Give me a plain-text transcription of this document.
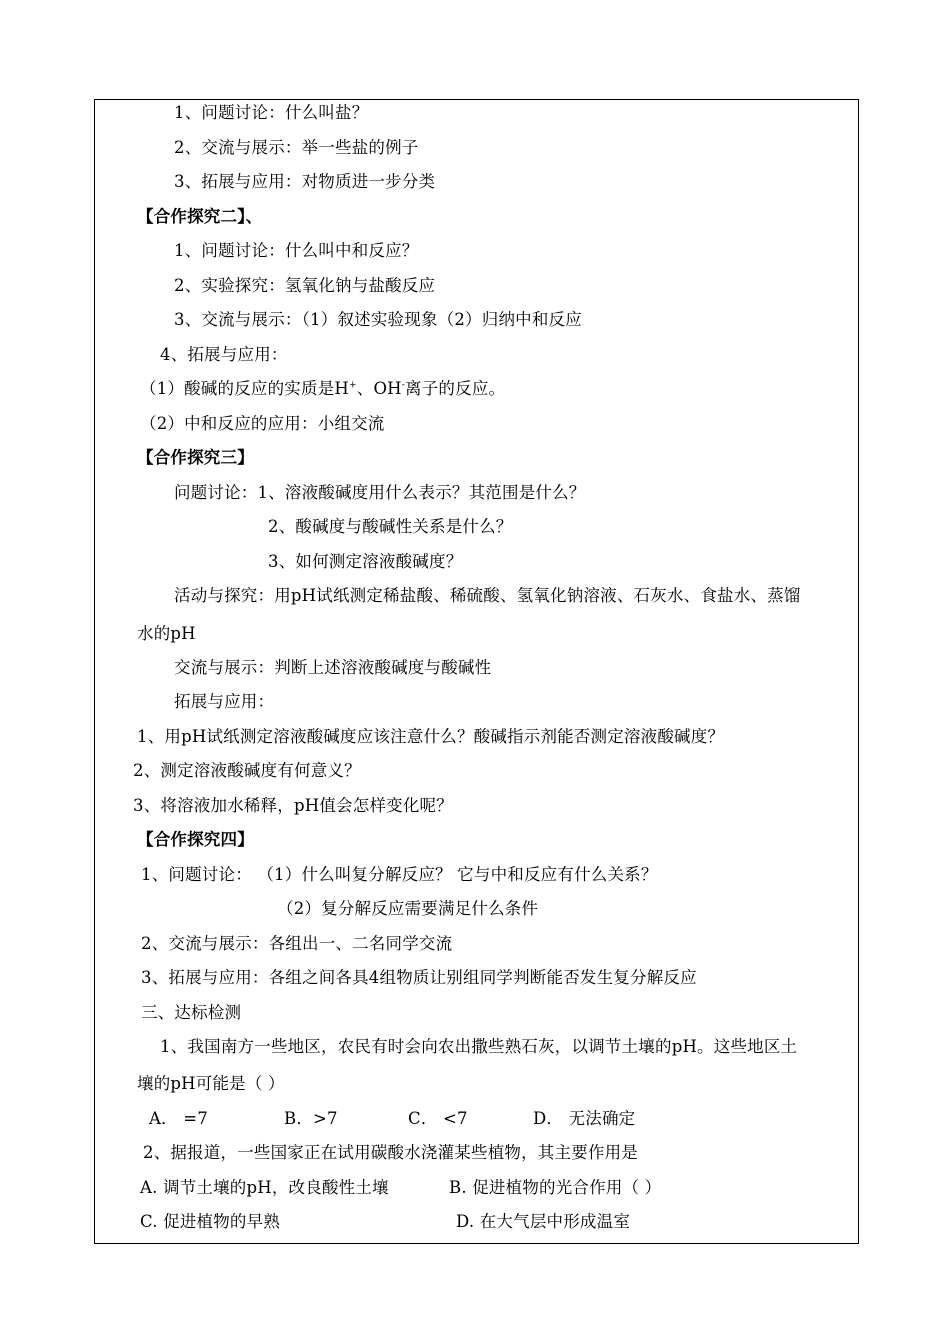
1、问题讨论：什么叫盐？
2、交流与展示：举一些盐的例子
3、拓展与应用：对物质进一步分类
【合作探究二】、
1、问题讨论：什么叫中和反应？
2、实验探究：氢氧化钠与盐酸反应
3、交流与展示：（1）叙述实验现象（2）归纳中和反应
4、拓展与应用：
（1）酸碱的反应的实质是H+、OH-离子的反应。
（2）中和反应的应用：小组交流
【合作探究三】
问题讨论：1、溶液酸碱度用什么表示？其范围是什么？
2、酸碱度与酸碱性关系是什么？
3、如何测定溶液酸碱度？
活动与探究：用pH试纸测定稀盐酸、稀硫酸、氢氧化钠溶液、石灰水、食盐水、蒸馏
水的pH
交流与展示：判断上述溶液酸碱度与酸碱性
拓展与应用：
1、用pH试纸测定溶液酸碱度应该注意什么？酸碱指示剂能否测定溶液酸碱度？
2、测定溶液酸碱度有何意义？
3、将溶液加水稀释，pH值会怎样变化呢？
【合作探究四】
1、问题讨论： （1）什么叫复分解反应？ 它与中和反应有什么关系？
（2）复分解反应需要满足什么条件
2、交流与展示：各组出一、二名同学交流
3、拓展与应用：各组之间各具4组物质让别组同学判断能否发生复分解反应
三、达标检测
1、我国南方一些地区，农民有时会向农出撒些熟石灰，以调节土壤的pH。这些地区土
壤的pH可能是（ ）
A． =7	B．>7	C． <7	D． 无法确定
2、据报道，一些国家正在试用碳酸水浇灌某些植物，其主要作用是
A. 调节土壤的pH，改良酸性土壤	B. 促进植物的光合作用（ ）
C. 促进植物的早熟	D. 在大气层中形成温室
